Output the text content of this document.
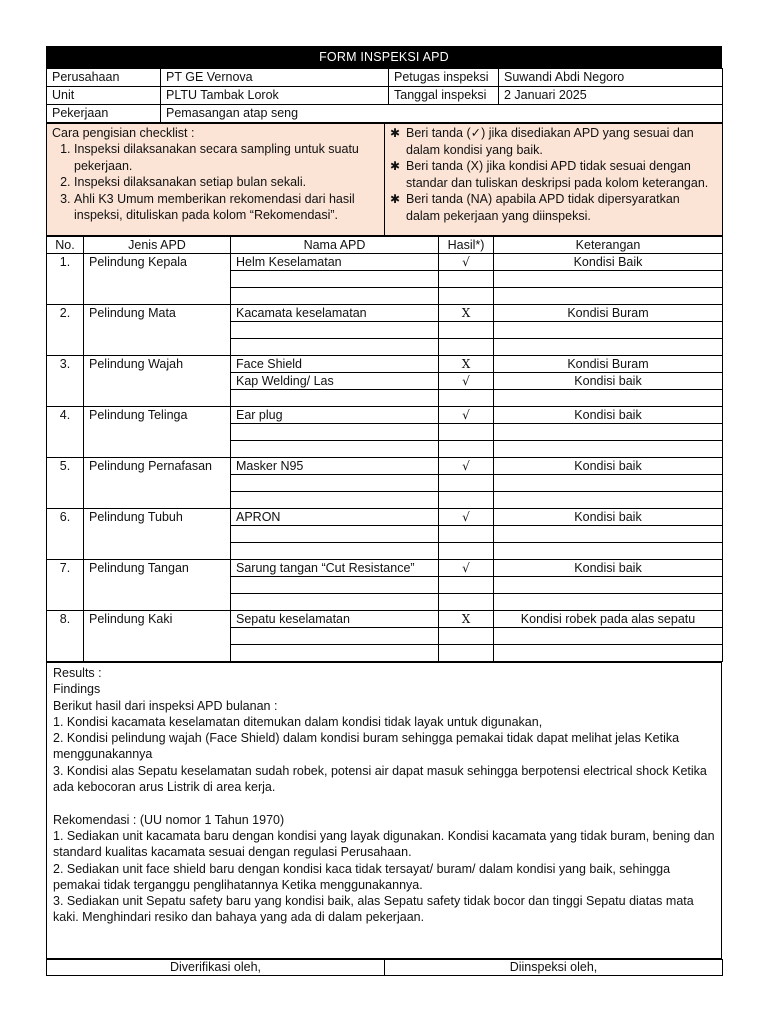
FORM INSPEKSI APD
Perusahaan	PT GE Vernova	Petugas inspeksi	Suwandi Abdi Negoro
Unit	PLTU Tambak Lorok	Tanggal inspeksi	2 Januari 2025
Pekerjaan	Pemasangan atap seng		
Cara pengisian checklist :
1. Inspeksi dilaksanakan secara sampling untuk suatu pekerjaan.
2. Inspeksi dilaksanakan setiap bulan sekali.
3. Ahli K3 Umum memberikan rekomendasi dari hasil inspeksi, dituliskan pada kolom “Rekomendasi”.

✱ Beri tanda (✓) jika disediakan APD yang sesuai dan dalam kondisi yang baik.
✱ Beri tanda (X) jika kondisi APD tidak sesuai dengan standar dan tuliskan deskripsi pada kolom keterangan.
✱ Beri tanda (NA) apabila APD tidak dipersyaratkan dalam pekerjaan yang diinspeksi.
No.	Jenis APD	Nama APD	Hasil*)	Keterangan
1.	Pelindung Kepala	Helm Keselamatan	√	Kondisi Baik

2.	Pelindung Mata	Kacamata keselamatan	X	Kondisi Buram

3.	Pelindung Wajah	Face Shield	X	Kondisi Buram
		Kap Welding/ Las	√	Kondisi baik

4.	Pelindung Telinga	Ear plug	√	Kondisi baik

5.	Pelindung Pernafasan	Masker N95	√	Kondisi baik

6.	Pelindung Tubuh	APRON	√	Kondisi baik

7.	Pelindung Tangan	Sarung tangan “Cut Resistance”	√	Kondisi baik

8.	Pelindung Kaki	Sepatu keselamatan	X	Kondisi robek pada alas sepatu

Results :

Findings

Berikut hasil dari inspeksi APD bulanan :

1. Kondisi kacamata keselamatan ditemukan dalam kondisi tidak layak untuk digunakan,

2. Kondisi pelindung wajah (Face Shield) dalam kondisi buram sehingga pemakai tidak dapat melihat jelas Ketika menggunakannya

3. Kondisi alas Sepatu keselamatan sudah robek, potensi air dapat masuk sehingga berpotensi electrical shock Ketika ada kebocoran arus Listrik di area kerja.

Rekomendasi : (UU nomor 1 Tahun 1970)

1. Sediakan unit kacamata baru dengan kondisi yang layak digunakan. Kondisi kacamata yang tidak buram, bening dan standard kualitas kacamata sesuai dengan regulasi Perusahaan.

2. Sediakan unit face shield baru dengan kondisi kaca tidak tersayat/ buram/ dalam kondisi yang baik, sehingga pemakai tidak terganggu penglihatannya Ketika menggunakannya.

3. Sediakan unit Sepatu safety baru yang kondisi baik, alas Sepatu safety tidak bocor dan tinggi Sepatu diatas mata kaki. Menghindari resiko dan bahaya yang ada di dalam pekerjaan.

Diverifikasi oleh,	Diinspeksi oleh,
